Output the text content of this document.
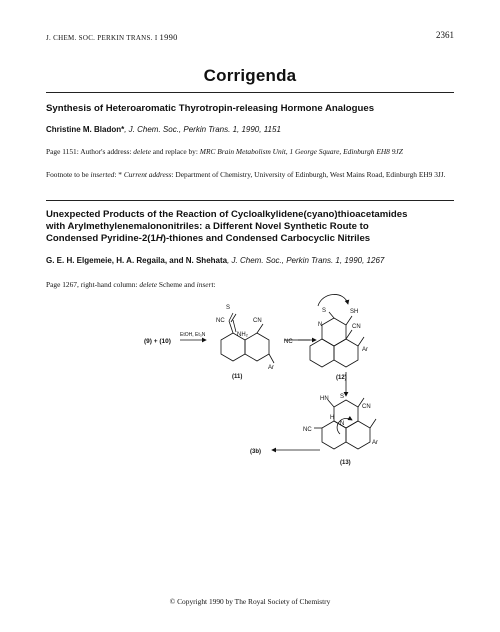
J. CHEM. SOC. PERKIN TRANS. I 1990	2361
Corrigenda
Synthesis of Heteroaromatic Thyrotropin-releasing Hormone Analogues
Christine M. Bladon*, J. Chem. Soc., Perkin Trans. 1, 1990, 1151
Page 1151: Author's address: delete and replace by: MRC Brain Metabolism Unit, 1 George Square, Edinburgh EH8 9JZ
Footnote to be inserted: * Current address: Department of Chemistry, University of Edinburgh, West Mains Road, Edinburgh EH9 3JJ.
Unexpected Products of the Reaction of Cycloalkylidene(cyano)thioacetamides
with Arylmethylenemalononitriles: a Different Novel Synthetic Route to
Condensed Pyridine-2(1H)-thiones and Condensed Carbocyclic Nitriles
G. E. H. Elgemeie, H. A. Regaila, and N. Shehata, J. Chem. Soc., Perkin Trans. 1, 1990, 1267
Page 1267, right-hand column: delete Scheme and insert:
(9) + (10)
EtOH, Et₃N
S
NC	CN
NH₂
Ar
(11)
S
N
SH
NC
CN
Ar
(12)
HN S
CN
H
NC
N
Ar
(13)
(3b)
© Copyright 1990 by The Royal Society of Chemistry
